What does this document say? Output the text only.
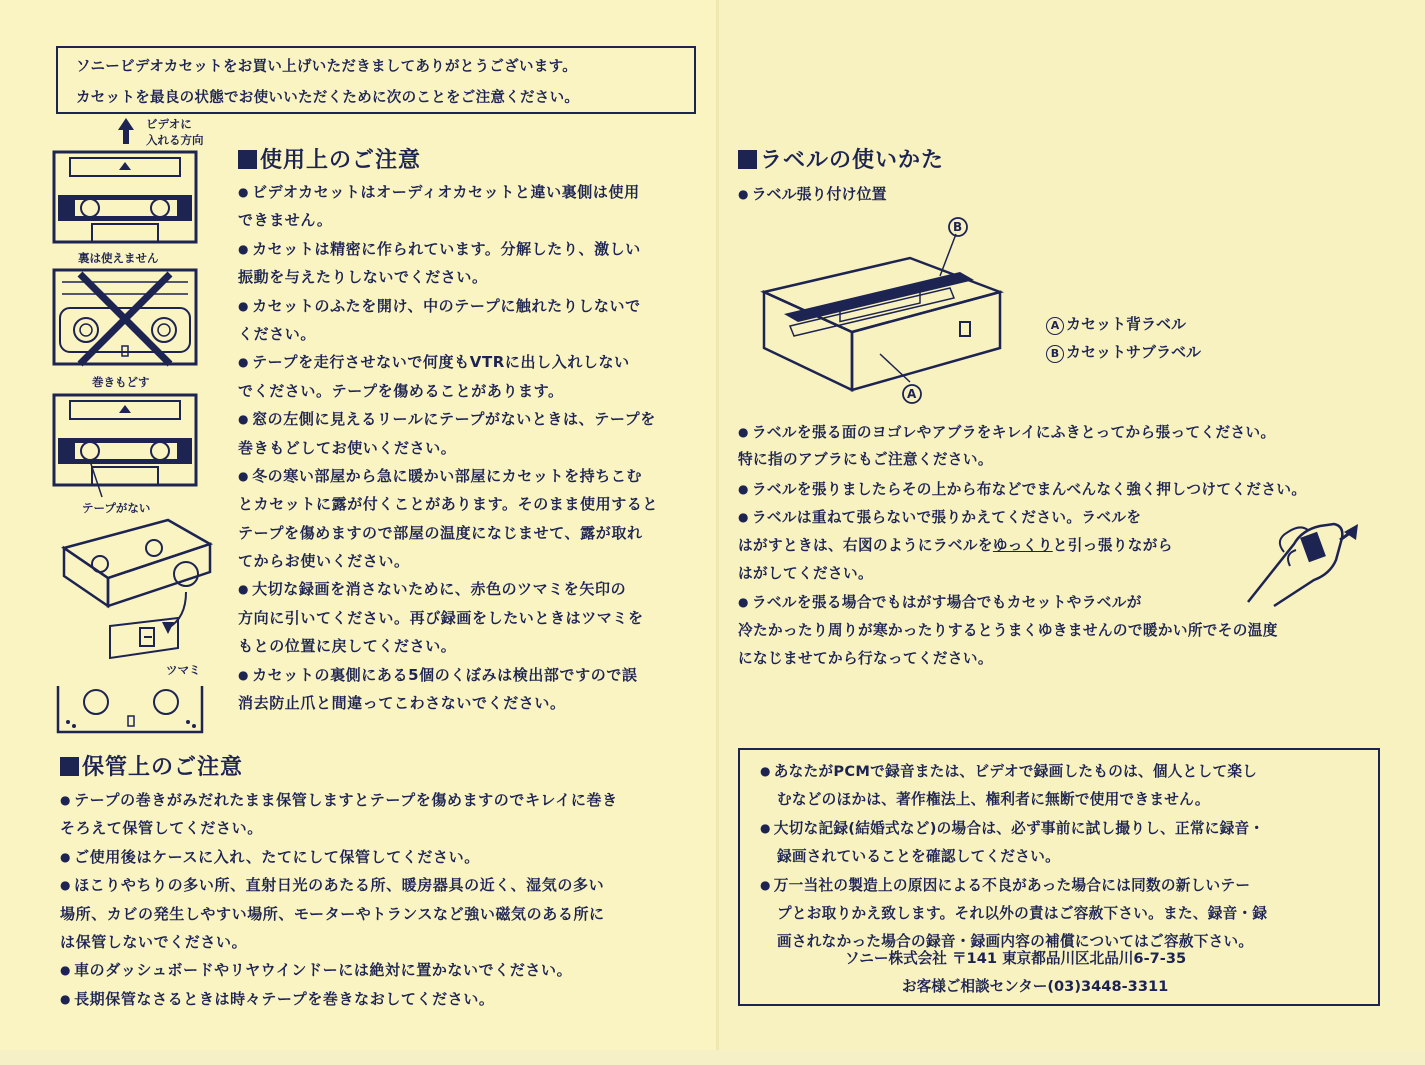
ソニービデオカセットをお買い上げいただきましてありがとうございます。
カセットを最良の状態でお使いいただくために次のことをご注意ください。
ビデオに
入れる方向
裏は使えません
巻きもどす
テープがない
ツマミ
使用上のご注意
● ビデオカセットはオーディオカセットと違い裏側は使用
できません。
● カセットは精密に作られています。分解したり、激しい
振動を与えたりしないでください。
● カセットのふたを開け、中のテープに触れたりしないで
ください。
● テープを走行させないで何度もVTRに出し入れしない
でください。テープを傷めることがあります。
● 窓の左側に見えるリールにテープがないときは、テープを
巻きもどしてお使いください。
● 冬の寒い部屋から急に暖かい部屋にカセットを持ちこむ
とカセットに露が付くことがあります。そのまま使用すると
テープを傷めますので部屋の温度になじませて、露が取れ
てからお使いください。
● 大切な録画を消さないために、赤色のツマミを矢印の
方向に引いてください。再び録画をしたいときはツマミを
もとの位置に戻してください。
● カセットの裏側にある5個のくぼみは検出部ですので誤
消去防止爪と間違ってこわさないでください。
保管上のご注意
● テープの巻きがみだれたまま保管しますとテープを傷めますのでキレイに巻き
そろえて保管してください。
● ご使用後はケースに入れ、たてにして保管してください。
● ほこりやちりの多い所、直射日光のあたる所、暖房器具の近く、湿気の多い
場所、カビの発生しやすい場所、モーターやトランスなど強い磁気のある所に
は保管しないでください。
● 車のダッシュボードやリヤウインドーには絶対に置かないでください。
● 長期保管なさるときは時々テープを巻きなおしてください。
ラベルの使いかた
● ラベル張り付け位置
B
A
A カセット背ラベル
B カセットサブラベル
● ラベルを張る面のヨゴレやアブラをキレイにふきとってから張ってください。
特に指のアブラにもご注意ください。
● ラベルを張りましたらその上から布などでまんべんなく強く押しつけてください。
● ラベルは重ねて張らないで張りかえてください。ラベルを
はがすときは、右図のようにラベルをゆっくりと引っ張りながら
はがしてください。
● ラベルを張る場合でもはがす場合でもカセットやラベルが
冷たかったり周りが寒かったりするとうまくゆきませんので暖かい所でその温度
になじませてから行なってください。
● あなたがPCMで録音または、ビデオで録画したものは、個人として楽し
むなどのほかは、著作権法上、権利者に無断で使用できません。
● 大切な記録(結婚式など)の場合は、必ず事前に試し撮りし、正常に録音・
録画されていることを確認してください。
● 万一当社の製造上の原因による不良があった場合には同数の新しいテー
プとお取りかえ致します。それ以外の責はご容赦下さい。また、録音・録
画されなかった場合の録音・録画内容の補償についてはご容赦下さい。
ソニー株式会社 〒141 東京都品川区北品川6-7-35
お客様ご相談センター(03)3448-3311
